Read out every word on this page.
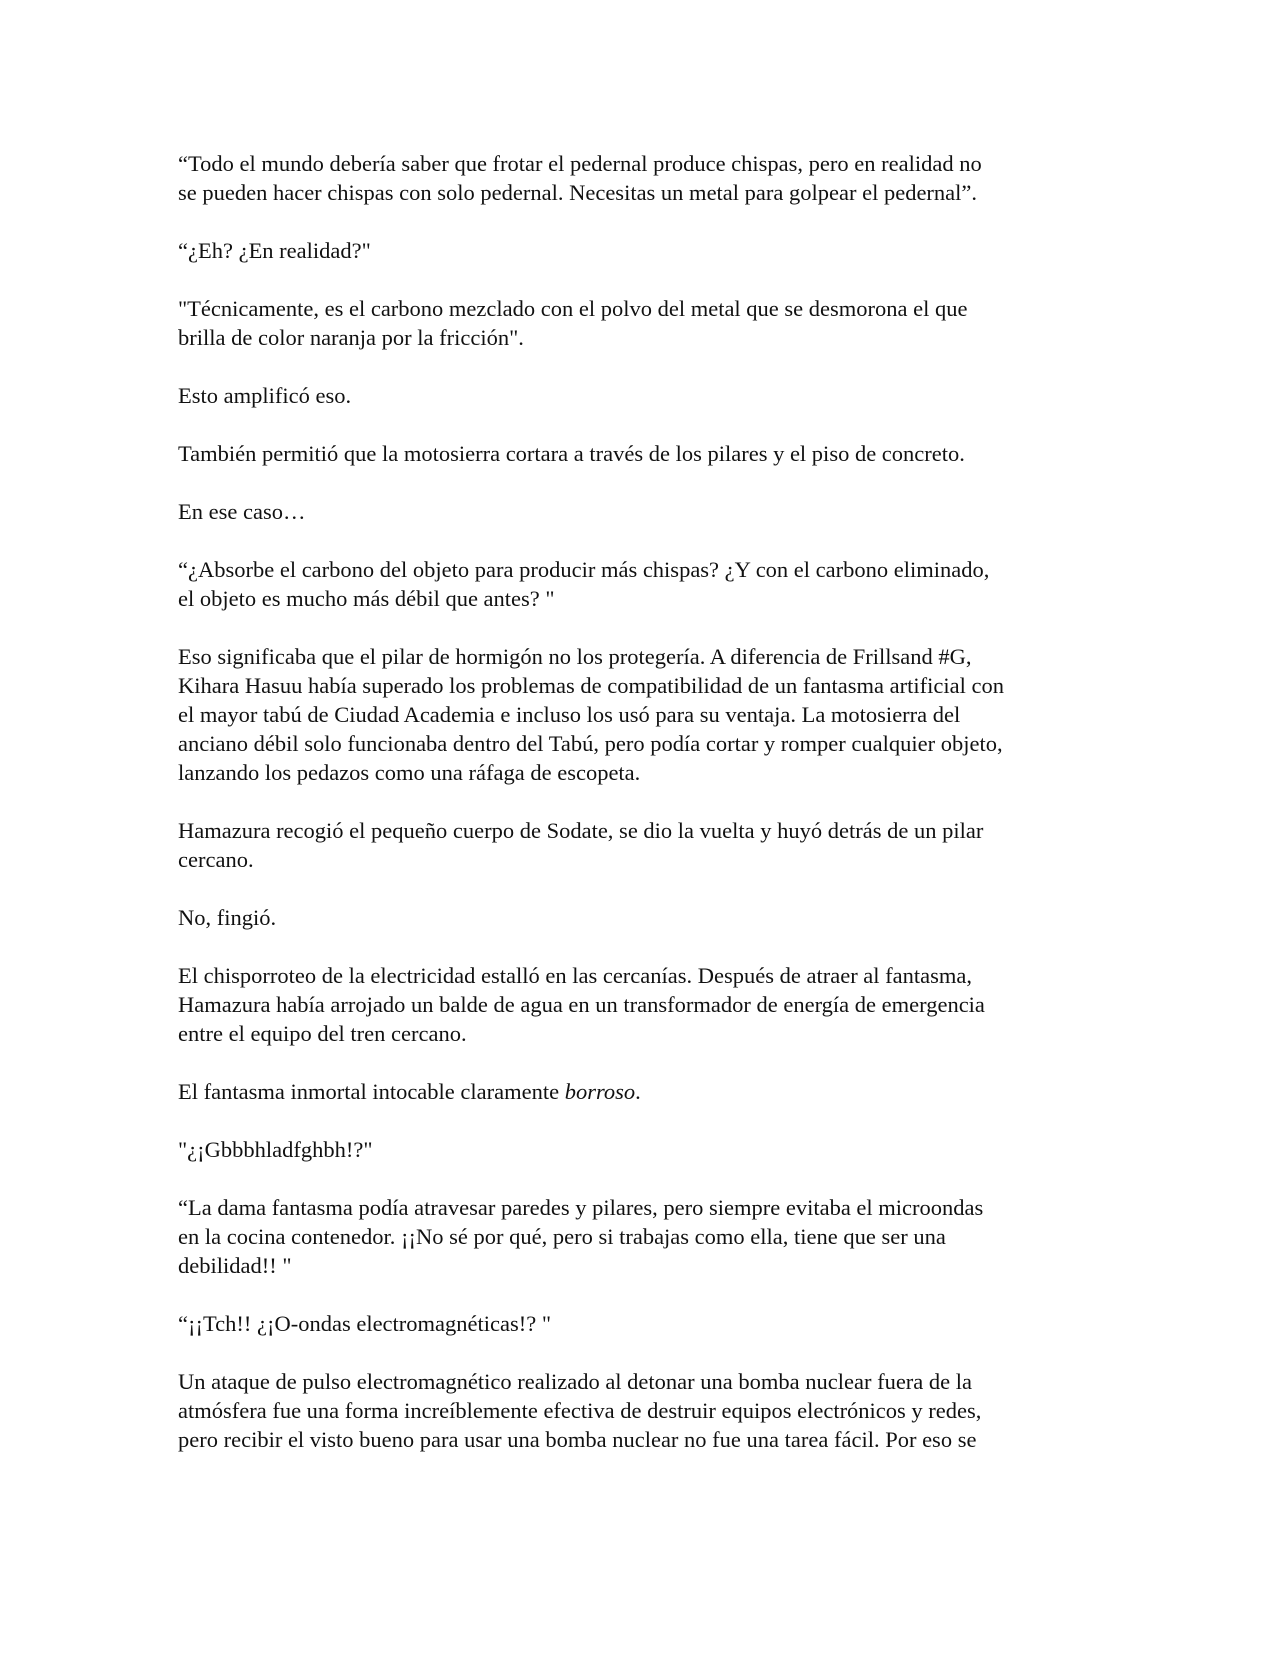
“Todo el mundo debería saber que frotar el pedernal produce chispas, pero en realidad no
se pueden hacer chispas con solo pedernal. Necesitas un metal para golpear el pedernal”.

“¿Eh? ¿En realidad?"

"Técnicamente, es el carbono mezclado con el polvo del metal que se desmorona el que
brilla de color naranja por la fricción".

Esto amplificó eso.

También permitió que la motosierra cortara a través de los pilares y el piso de concreto.

En ese caso…

“¿Absorbe el carbono del objeto para producir más chispas? ¿Y con el carbono eliminado,
el objeto es mucho más débil que antes? "

Eso significaba que el pilar de hormigón no los protegería. A diferencia de Frillsand #G,
Kihara Hasuu había superado los problemas de compatibilidad de un fantasma artificial con
el mayor tabú de Ciudad Academia e incluso los usó para su ventaja. La motosierra del
anciano débil solo funcionaba dentro del Tabú, pero podía cortar y romper cualquier objeto,
lanzando los pedazos como una ráfaga de escopeta.

Hamazura recogió el pequeño cuerpo de Sodate, se dio la vuelta y huyó detrás de un pilar
cercano.

No, fingió.

El chisporroteo de la electricidad estalló en las cercanías. Después de atraer al fantasma,
Hamazura había arrojado un balde de agua en un transformador de energía de emergencia
entre el equipo del tren cercano.

El fantasma inmortal intocable claramente borroso.

"¿¡Gbbbhladfghbh!?"

“La dama fantasma podía atravesar paredes y pilares, pero siempre evitaba el microondas
en la cocina contenedor. ¡¡No sé por qué, pero si trabajas como ella, tiene que ser una
debilidad!! "

“¡¡Tch!! ¿¡O-ondas electromagnéticas!? "

Un ataque de pulso electromagnético realizado al detonar una bomba nuclear fuera de la
atmósfera fue una forma increíblemente efectiva de destruir equipos electrónicos y redes,
pero recibir el visto bueno para usar una bomba nuclear no fue una tarea fácil. Por eso se
